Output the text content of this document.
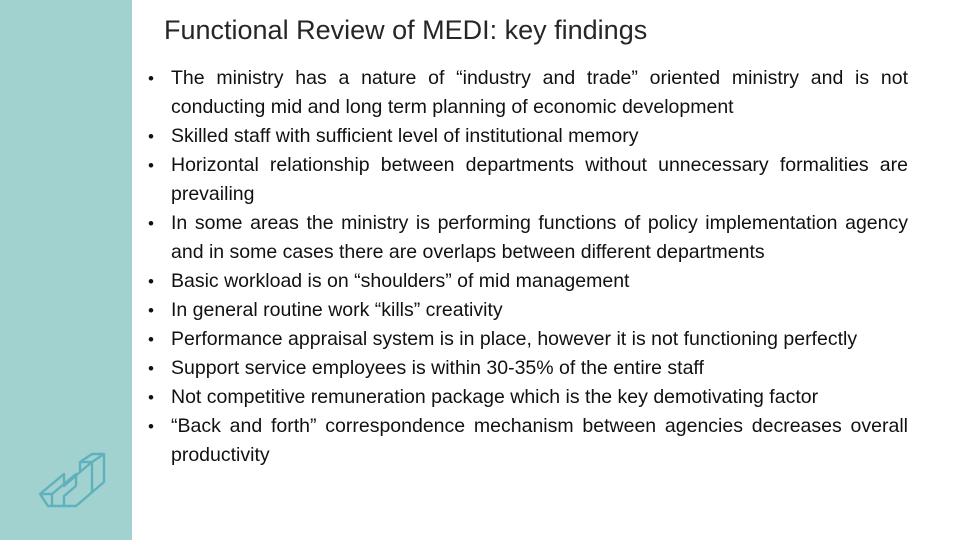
Functional Review of MEDI: key findings
• The ministry has a nature of “industry and trade” oriented ministry and is not conducting mid and long term planning of economic development
• Skilled staff with sufficient level of institutional memory
• Horizontal relationship between departments without unnecessary formalities are prevailing
• In some areas the ministry is performing functions of policy implementation agency and in some cases there are overlaps between different departments
• Basic workload is on “shoulders” of mid management
• In general routine work “kills” creativity
• Performance appraisal system is in place, however it is not functioning perfectly
• Support service employees is within 30-35% of the entire staff
• Not competitive remuneration package which is the key demotivating factor
• “Back and forth” correspondence mechanism between agencies decreases overall productivity
